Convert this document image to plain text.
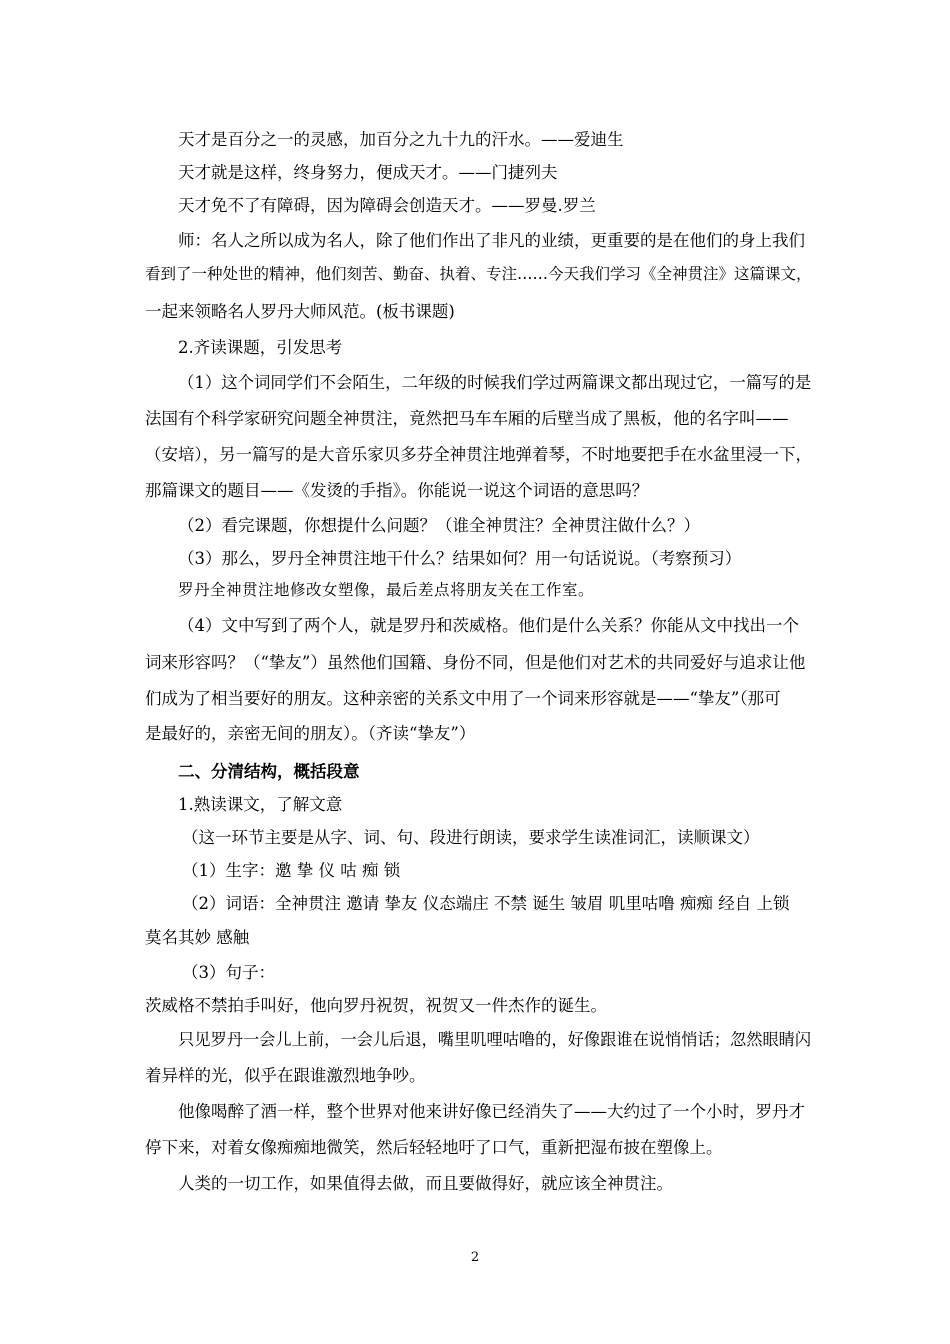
天才是百分之一的灵感，加百分之九十九的汗水。——爱迪生
天才就是这样，终身努力，便成天才。——门捷列夫
天才免不了有障碍，因为障碍会创造天才。——罗曼.罗兰
师：名人之所以成为名人，除了他们作出了非凡的业绩，更重要的是在他们的身上我们
看到了一种处世的精神，他们刻苦、勤奋、执着、专注……今天我们学习《全神贯注》这篇课文，
一起来领略名人罗丹大师风范。(板书课题)
2.齐读课题，引发思考
（1）这个词同学们不会陌生，二年级的时候我们学过两篇课文都出现过它，一篇写的是
法国有个科学家研究问题全神贯注，竟然把马车车厢的后壁当成了黑板，他的名字叫——
（安培），另一篇写的是大音乐家贝多芬全神贯注地弹着琴，不时地要把手在水盆里浸一下，
那篇课文的题目——《发烫的手指》。你能说一说这个词语的意思吗？
（2）看完课题，你想提什么问题？（谁全神贯注？全神贯注做什么？）
（3）那么，罗丹全神贯注地干什么？结果如何？用一句话说说。（考察预习）
罗丹全神贯注地修改女塑像，最后差点将朋友关在工作室。
（4）文中写到了两个人，就是罗丹和茨威格。他们是什么关系？你能从文中找出一个
词来形容吗？（“挚友”）虽然他们国籍、身份不同，但是他们对艺术的共同爱好与追求让他
们成为了相当要好的朋友。这种亲密的关系文中用了一个词来形容就是——“挚友”（那可
是最好的，亲密无间的朋友）。（齐读“挚友”）
二、分清结构，概括段意
1.熟读课文，了解文意
（这一环节主要是从字、词、句、段进行朗读，要求学生读准词汇，读顺课文）
（1）生字：邀 挚 仪 咕 痴 锁
（2）词语：全神贯注 邀请 挚友 仪态端庄 不禁 诞生 皱眉 叽里咕噜 痴痴 经自 上锁
莫名其妙 感触
（3）句子：
茨威格不禁拍手叫好，他向罗丹祝贺，祝贺又一件杰作的诞生。
只见罗丹一会儿上前，一会儿后退，嘴里叽哩咕噜的，好像跟谁在说悄悄话；忽然眼睛闪
着异样的光，似乎在跟谁激烈地争吵。
他像喝醉了酒一样，整个世界对他来讲好像已经消失了——大约过了一个小时，罗丹才
停下来，对着女像痴痴地微笑，然后轻轻地吁了口气，重新把湿布披在塑像上。
人类的一切工作，如果值得去做，而且要做得好，就应该全神贯注。
2
